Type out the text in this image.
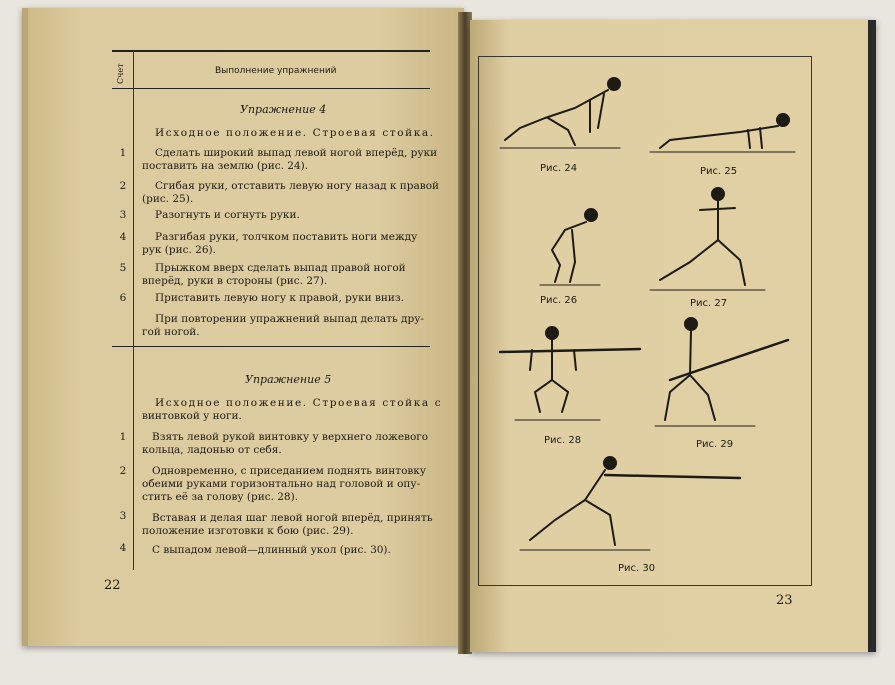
Счет	Выполнение упражнений
Упражнение 4
Исходное положение. Строевая стойка.
1	Сделать широкий выпад левой ногой вперёд, руки
поставить на землю (рис. 24).
2	Сгибая руки, отставить левую ногу назад к правой
(рис. 25).
3	Разогнуть и согнуть руки.
4	Разгибая руки, толчком поставить ноги между
рук (рис. 26).
5	Прыжком вверх сделать выпад правой ногой
вперёд, руки в стороны (рис. 27).
6	Приставить левую ногу к правой, руки вниз.
При повторении упражнений выпад делать дру-
гой ногой.
Упражнение 5
Исходное положение. Строевая стойка с
винтовкой у ноги.
1	Взять левой рукой винтовку у верхнего ложевого
кольца, ладонью от себя.
2	Одновременно, с приседанием поднять винтовку
обеими руками горизонтально над головой и опу-
стить её за голову (рис. 28).
3	Вставая и делая шаг левой ногой вперёд, принять
положение изготовки к бою (рис. 29).
4	С выпадом левой—длинный укол (рис. 30).
22
Рис. 24	Рис. 25
Рис. 26	Рис. 27
Рис. 28	Рис. 29
Рис. 30
23
